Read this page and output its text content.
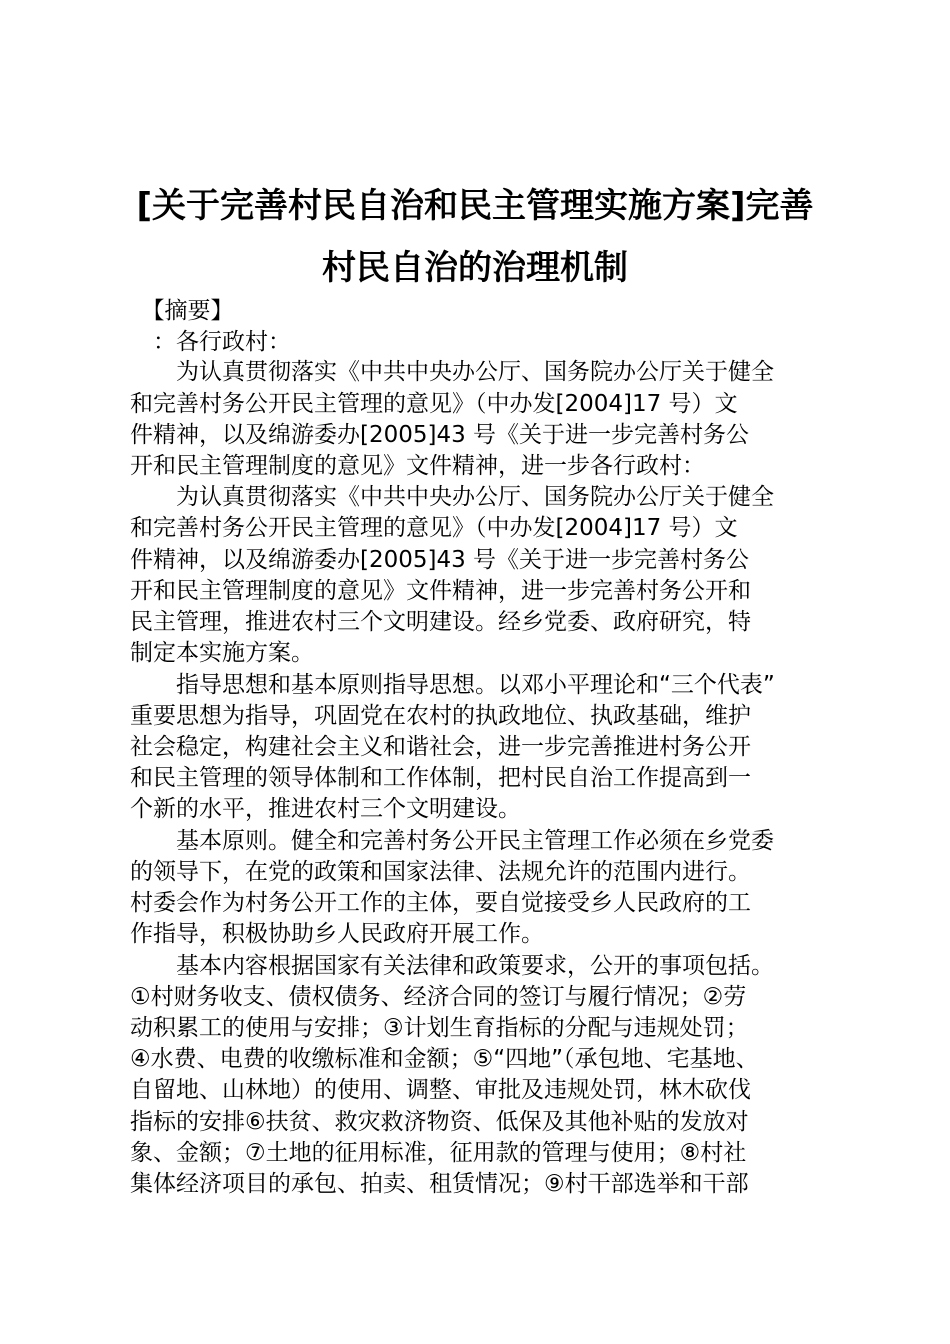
[关于完善村民自治和民主管理实施方案]完善
村民自治的治理机制
　【摘要】
　：各行政村：
　　为认真贯彻落实《中共中央办公厅、国务院办公厅关于健全
和完善村务公开民主管理的意见》（中办发[2004]17 号）文
件精神，以及绵游委办[2005]43 号《关于进一步完善村务公
开和民主管理制度的意见》文件精神，进一步各行政村：
　　为认真贯彻落实《中共中央办公厅、国务院办公厅关于健全
和完善村务公开民主管理的意见》（中办发[2004]17 号）文
件精神，以及绵游委办[2005]43 号《关于进一步完善村务公
开和民主管理制度的意见》文件精神，进一步完善村务公开和
民主管理，推进农村三个文明建设。经乡党委、政府研究，特
制定本实施方案。
　　指导思想和基本原则指导思想。以邓小平理论和“三个代表”
重要思想为指导，巩固党在农村的执政地位、执政基础，维护
社会稳定，构建社会主义和谐社会，进一步完善推进村务公开
和民主管理的领导体制和工作体制，把村民自治工作提高到一
个新的水平，推进农村三个文明建设。
　　基本原则。健全和完善村务公开民主管理工作必须在乡党委
的领导下，在党的政策和国家法律、法规允许的范围内进行。
村委会作为村务公开工作的主体，要自觉接受乡人民政府的工
作指导，积极协助乡人民政府开展工作。
　　基本内容根据国家有关法律和政策要求，公开的事项包括。
①村财务收支、债权债务、经济合同的签订与履行情况；②劳
动积累工的使用与安排；③计划生育指标的分配与违规处罚；
④水费、电费的收缴标准和金额；⑤“四地”（承包地、宅基地、
自留地、山林地）的使用、调整、审批及违规处罚，林木砍伐
指标的安排⑥扶贫、救灾救济物资、低保及其他补贴的发放对
象、金额；⑦土地的征用标准，征用款的管理与使用；⑧村社
集体经济项目的承包、拍卖、租赁情况；⑨村干部选举和干部
